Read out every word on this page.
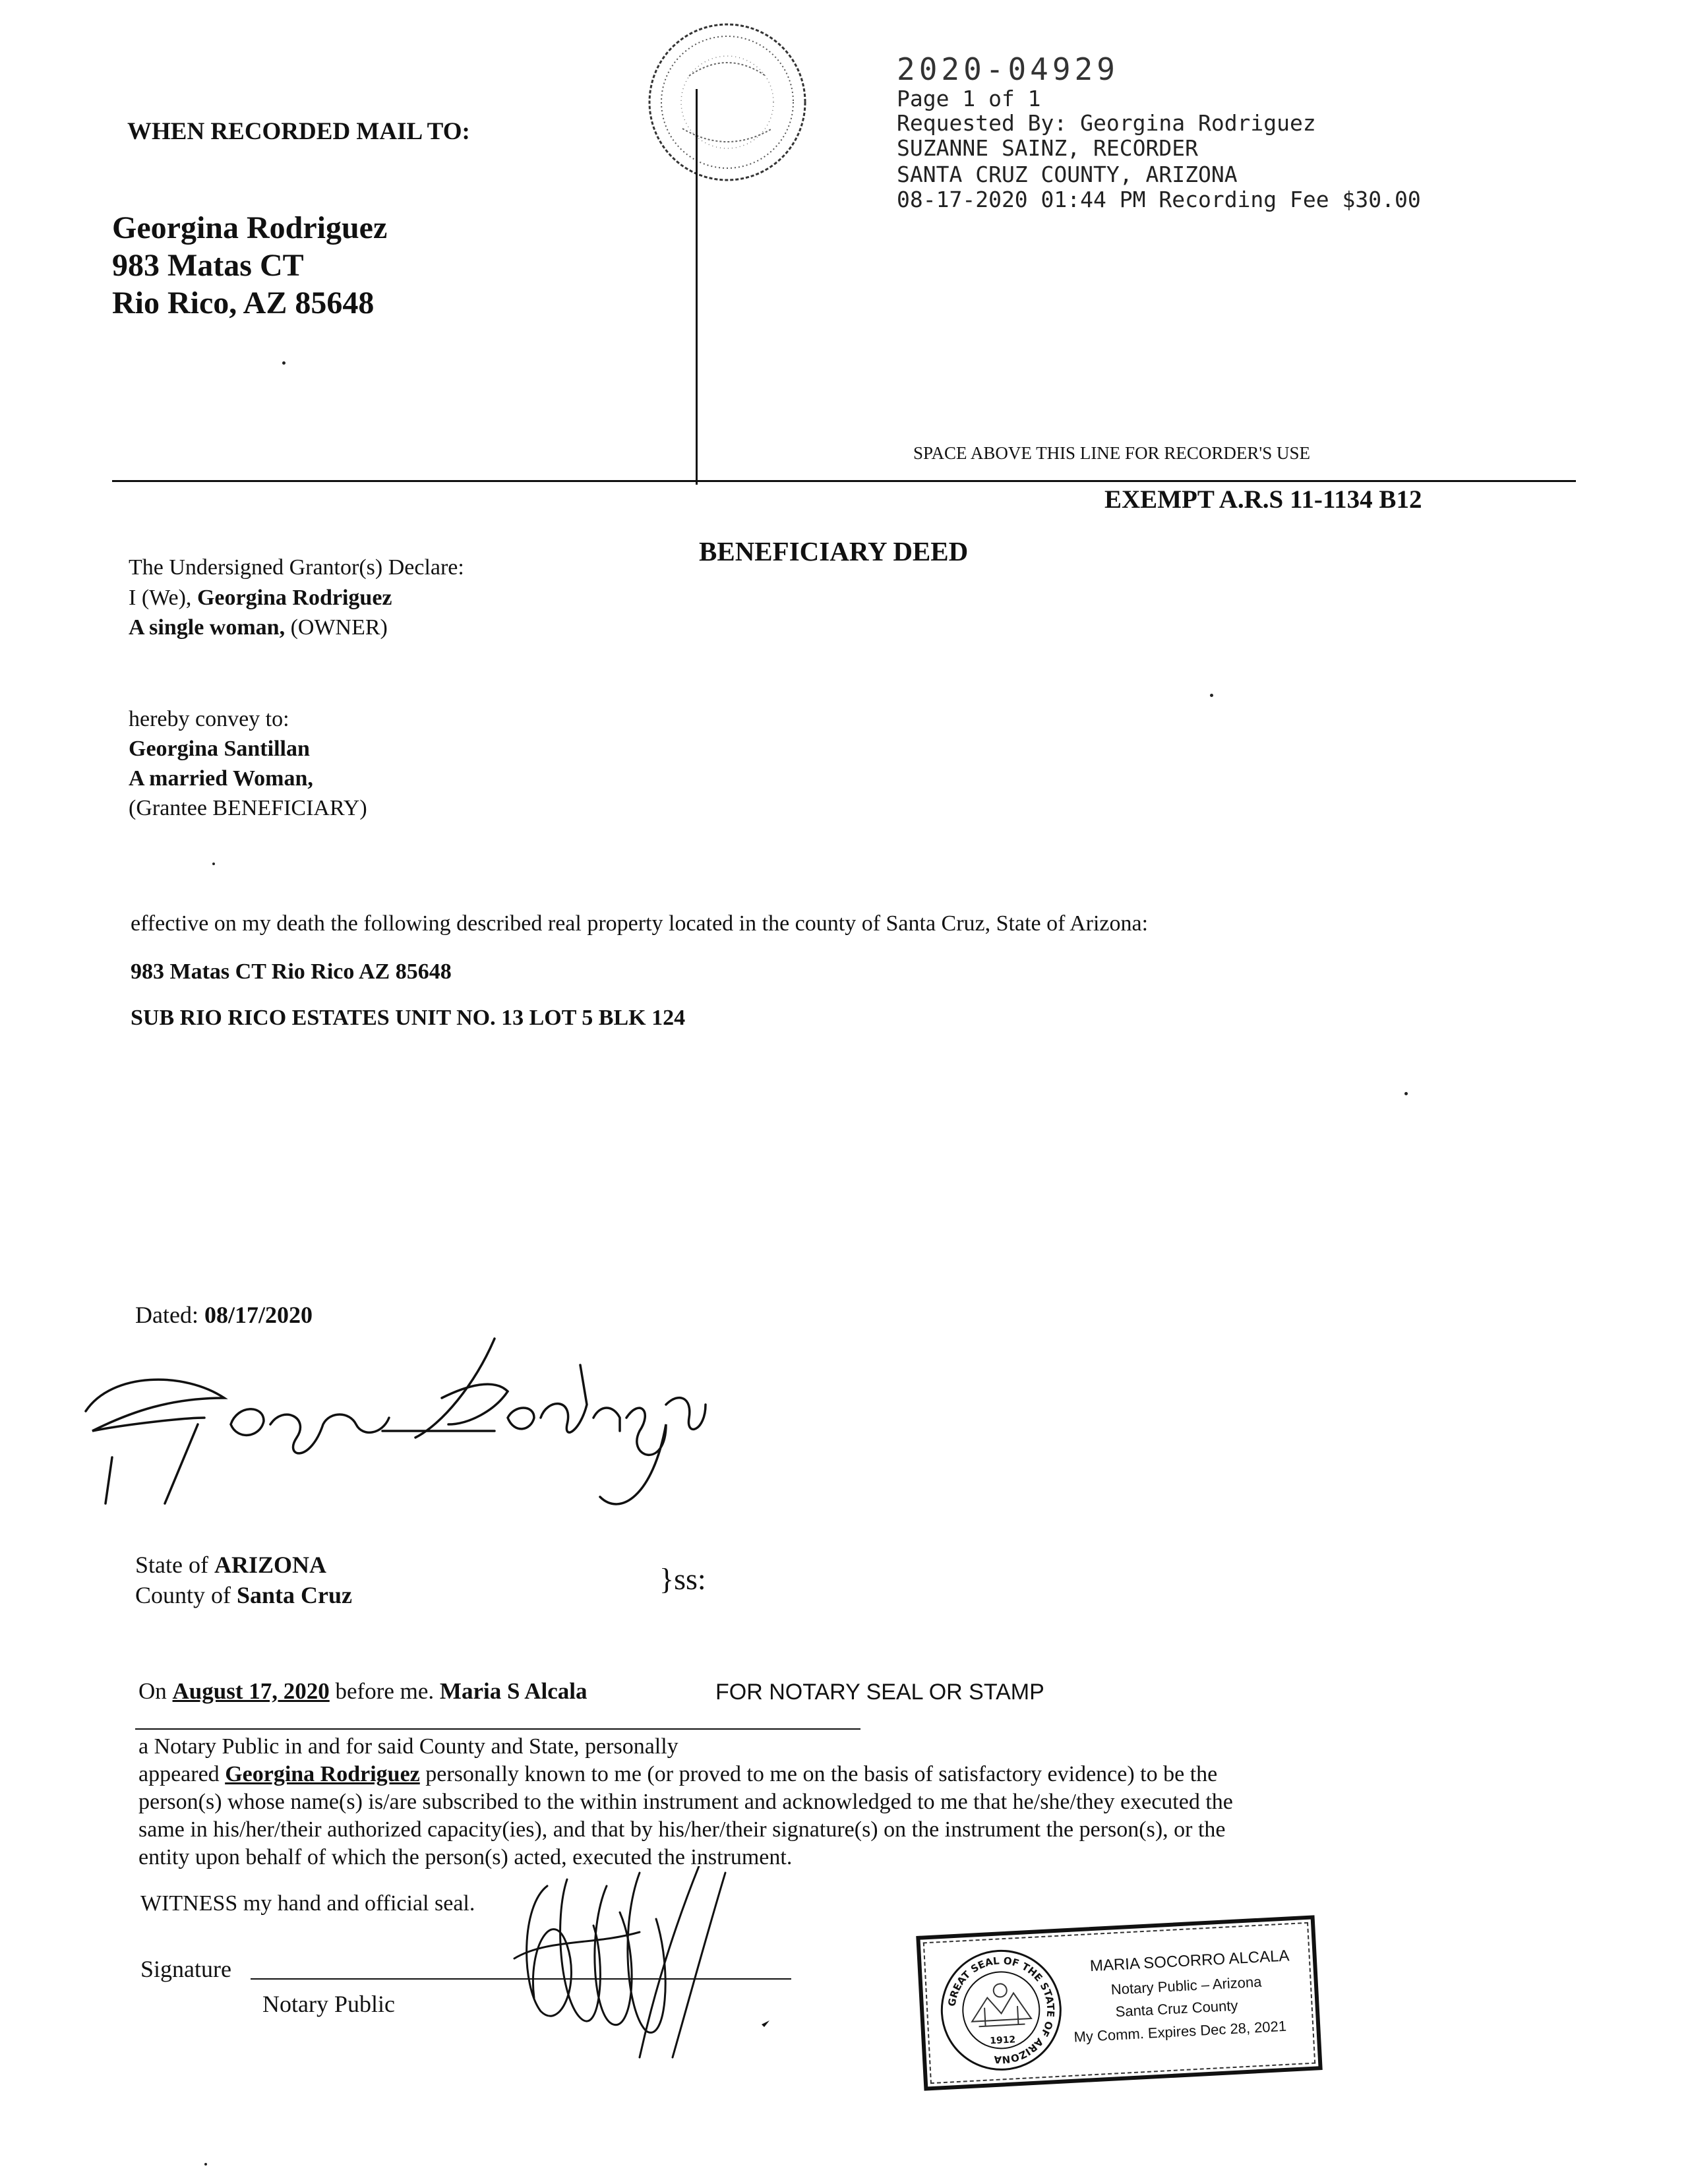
WHEN RECORDED MAIL TO:
Georgina Rodriguez
983 Matas CT
Rio Rico, AZ 85648
2020-04929
Page 1 of 1
Requested By: Georgina Rodriguez
SUZANNE SAINZ, RECORDER
SANTA CRUZ COUNTY, ARIZONA
08-17-2020 01:44 PM Recording Fee $30.00
SPACE ABOVE THIS LINE FOR RECORDER'S USE
EXEMPT A.R.S 11-1134 B12
BENEFICIARY DEED
The Undersigned Grantor(s) Declare:
I (We), Georgina Rodriguez
A single woman, (OWNER)
hereby convey to:
Georgina Santillan
A married Woman,
(Grantee BENEFICIARY)
effective on my death the following described real property located in the county of Santa Cruz, State of Arizona:
983 Matas CT Rio Rico AZ 85648
SUB RIO RICO ESTATES UNIT NO. 13 LOT 5 BLK 124
Dated: 08/17/2020
State of ARIZONA
County of Santa Cruz	}ss:
On August 17, 2020 before me. Maria S Alcala	FOR NOTARY SEAL OR STAMP
a Notary Public in and for said County and State, personally
appeared Georgina Rodriguez personally known to me (or proved to me on the basis of satisfactory evidence) to be the
person(s) whose name(s) is/are subscribed to the within instrument and acknowledged to me that he/she/they executed the
same in his/her/their authorized capacity(ies), and that by his/her/their signature(s) on the instrument the person(s), or the
entity upon behalf of which the person(s) acted, executed the instrument.
WITNESS my hand and official seal.
Signature
Notary Public	GREAT SEAL OF THE STATE OF ARIZONA
1912
MARIA SOCORRO ALCALA
Notary Public – Arizona
Santa Cruz County
My Comm. Expires Dec 28, 2021
